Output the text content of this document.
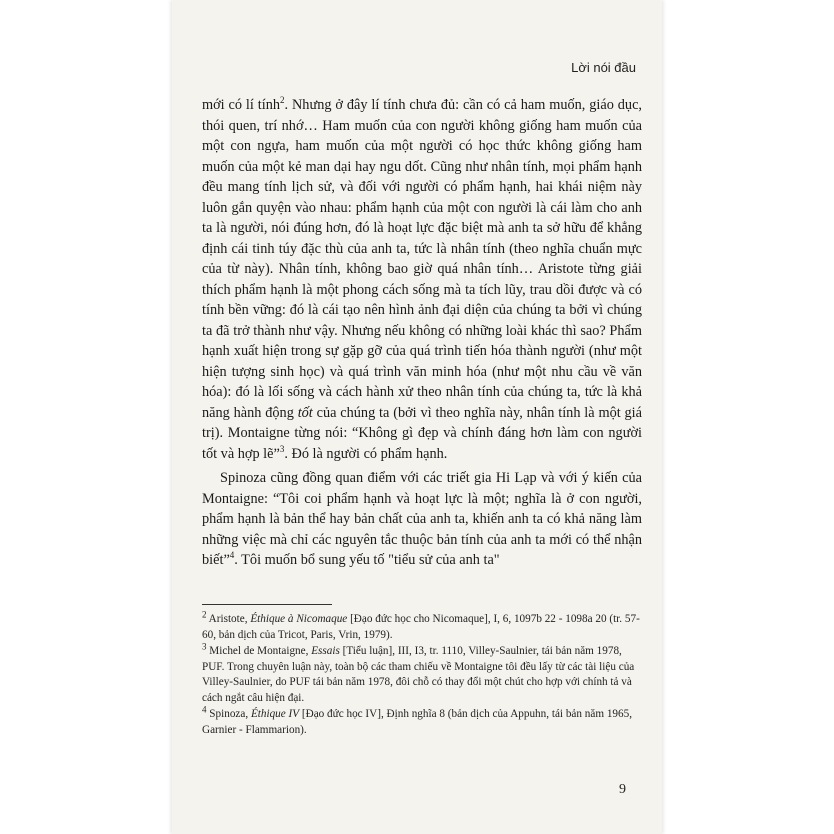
Lời nói đầu

mới có lí tính$^2$. Nhưng ở đây lí tính chưa đủ: cần có cả ham muốn, giáo dục, thói quen, trí nhớ… Ham muốn của con người không giống ham muốn của một con ngựa, ham muốn của một người có học thức không giống ham muốn của một kẻ man dại hay ngu dốt. Cũng như nhân tính, mọi phẩm hạnh đều mang tính lịch sử, và đối với người có phẩm hạnh, hai khái niệm này luôn gắn quyện vào nhau: phẩm hạnh của một con người là cái làm cho anh ta là người, nói đúng hơn, đó là hoạt lực đặc biệt mà anh ta sở hữu để khẳng định cái tinh túy đặc thù của anh ta, tức là nhân tính (theo nghĩa chuẩn mực của từ này). Nhân tính, không bao giờ quá nhân tính… Aristote từng giải thích phẩm hạnh là một phong cách sống mà ta tích lũy, trau dồi được và có tính bền vững: đó là cái tạo nên hình ảnh đại diện của chúng ta bởi vì chúng ta đã trở thành như vậy. Nhưng nếu không có những loài khác thì sao? Phẩm hạnh xuất hiện trong sự gặp gỡ của quá trình tiến hóa thành người (như một hiện tượng sinh học) và quá trình văn minh hóa (như một nhu cầu về văn hóa): đó là lối sống và cách hành xử theo nhân tính của chúng ta, tức là khả năng hành động tốt của chúng ta (bởi vì theo nghĩa này, nhân tính là một giá trị). Montaigne từng nói: “Không gì đẹp và chính đáng hơn làm con người tốt và hợp lẽ”$^3$. Đó là người có phẩm hạnh.

Spinoza cũng đồng quan điểm với các triết gia Hi Lạp và với ý kiến của Montaigne: “Tôi coi phẩm hạnh và hoạt lực là một; nghĩa là ở con người, phẩm hạnh là bản thể hay bản chất của anh ta, khiến anh ta có khả năng làm những việc mà chỉ các nguyên tắc thuộc bản tính của anh ta mới có thể nhận biết”$^4$. Tôi muốn bổ sung yếu tố "tiểu sử của anh ta"

$^2$ Aristote, Éthique à Nicomaque [Đạo đức học cho Nicomaque], I, 6, 1097b 22 - 1098a 20 (tr. 57-60, bản dịch của Tricot, Paris, Vrin, 1979).

$^3$ Michel de Montaigne, Essais [Tiểu luận], III, I3, tr. 1110, Villey-Saulnier, tái bản năm 1978, PUF. Trong chuyên luận này, toàn bộ các tham chiếu về Montaigne tôi đều lấy từ các tài liệu của Villey-Saulnier, do PUF tái bản năm 1978, đôi chỗ có thay đổi một chút cho hợp với chính tả và cách ngắt câu hiện đại.

$^4$ Spinoza, Éthique IV [Đạo đức học IV], Định nghĩa 8 (bản dịch của Appuhn, tái bản năm 1965, Garnier - Flammarion).

9
